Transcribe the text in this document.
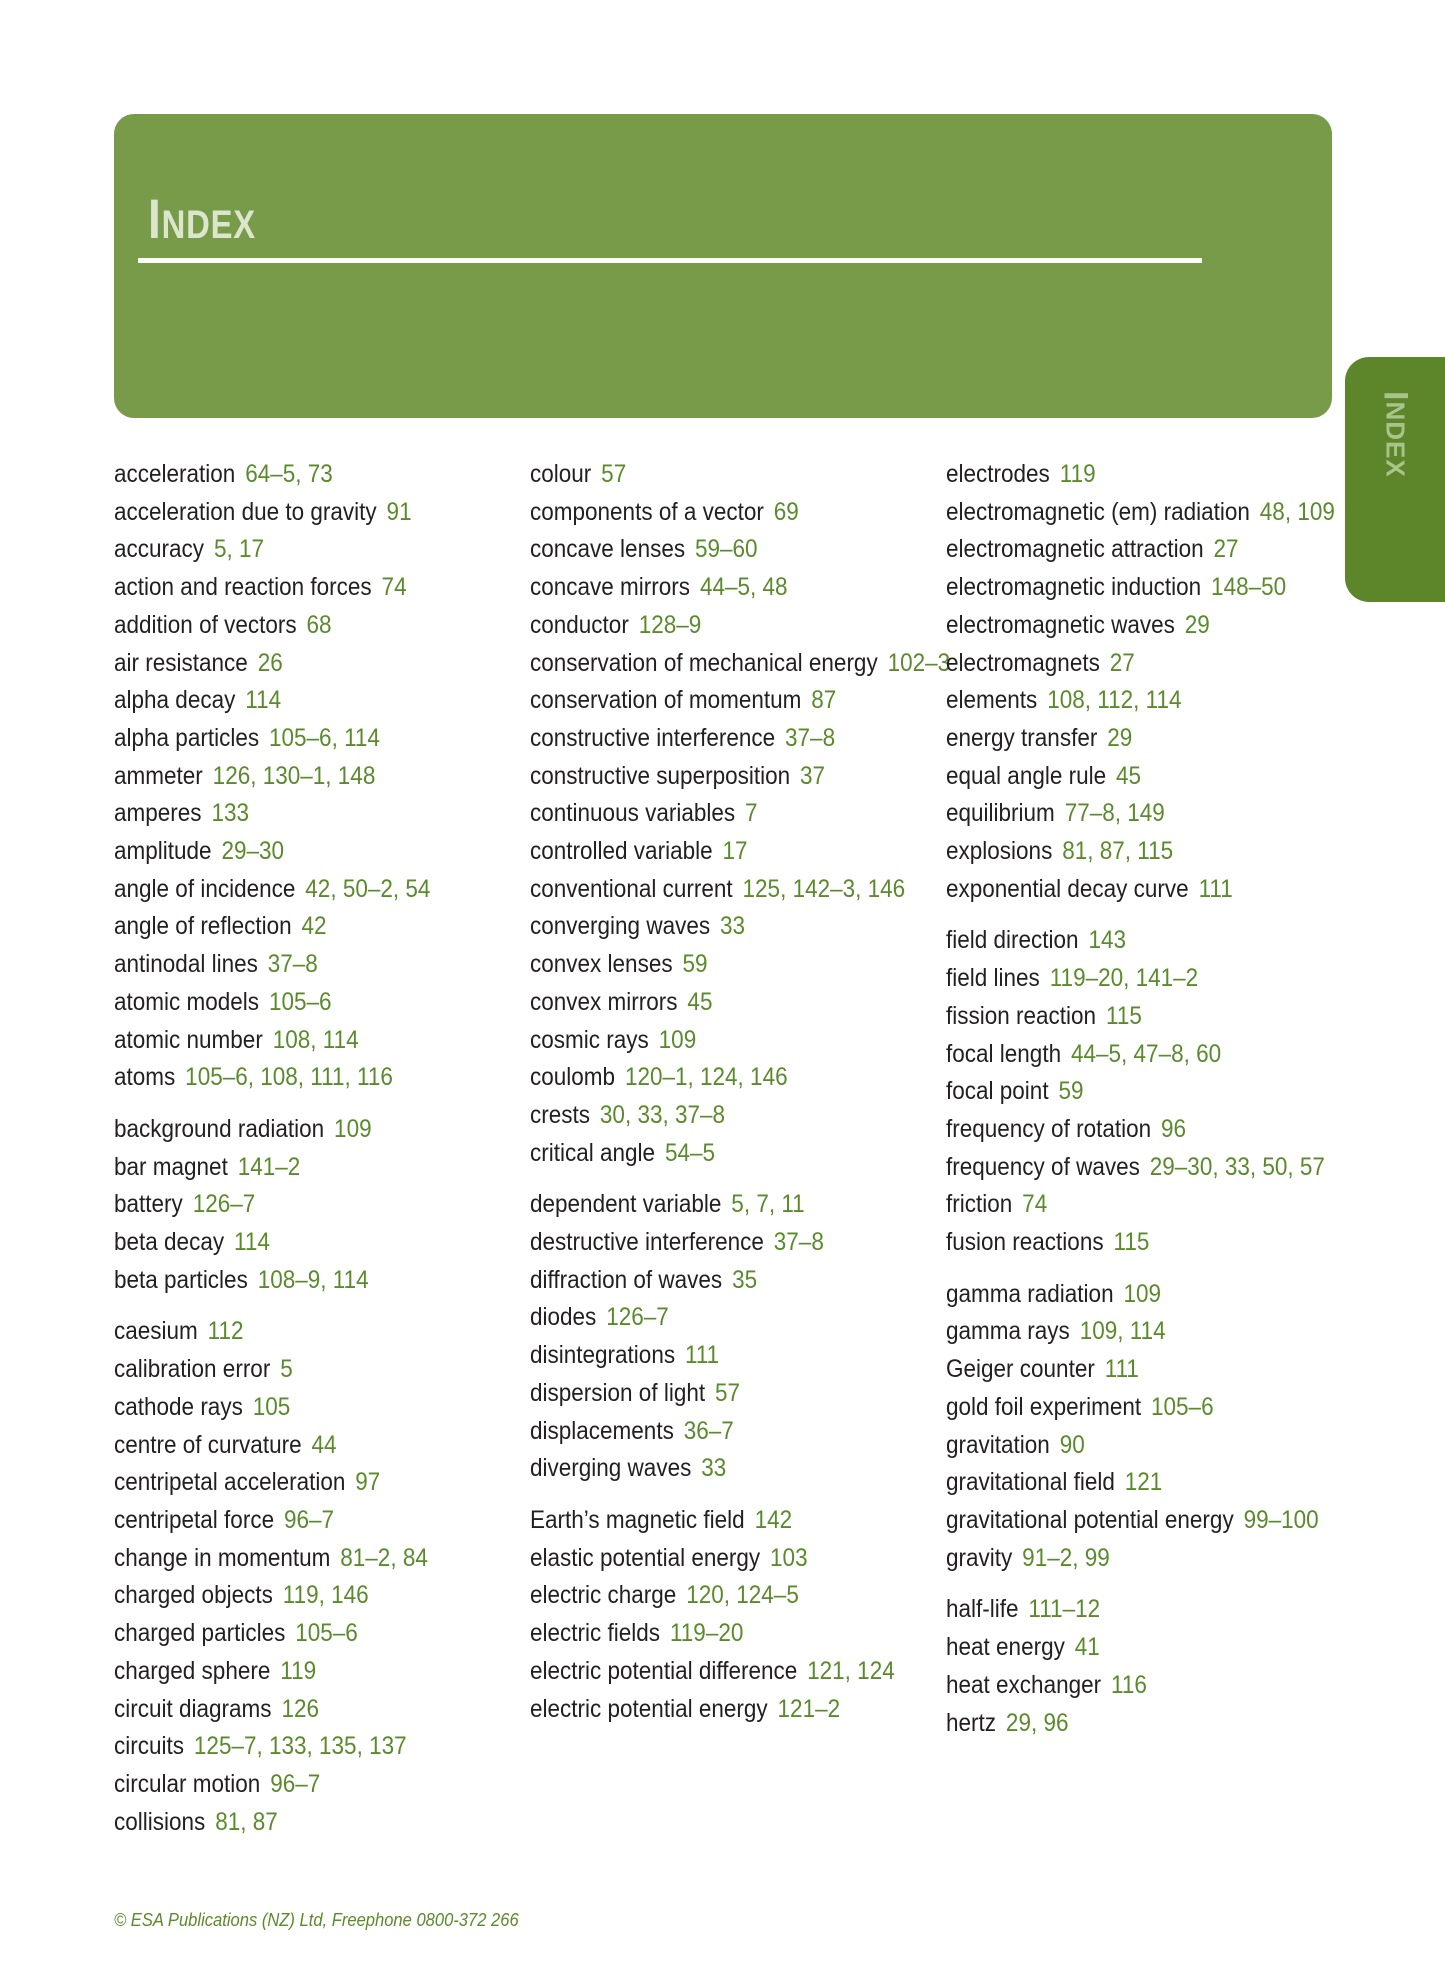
INDEX
INDEX
acceleration 64–5, 73
acceleration due to gravity 91
accuracy 5, 17
action and reaction forces 74
addition of vectors 68
air resistance 26
alpha decay 114
alpha particles 105–6, 114
ammeter 126, 130–1, 148
amperes 133
amplitude 29–30
angle of incidence 42, 50–2, 54
angle of reflection 42
antinodal lines 37–8
atomic models 105–6
atomic number 108, 114
atoms 105–6, 108, 111, 116
background radiation 109
bar magnet 141–2
battery 126–7
beta decay 114
beta particles 108–9, 114
caesium 112
calibration error 5
cathode rays 105
centre of curvature 44
centripetal acceleration 97
centripetal force 96–7
change in momentum 81–2, 84
charged objects 119, 146
charged particles 105–6
charged sphere 119
circuit diagrams 126
circuits 125–7, 133, 135, 137
circular motion 96–7
collisions 81, 87
colour 57
components of a vector 69
concave lenses 59–60
concave mirrors 44–5, 48
conductor 128–9
conservation of mechanical energy 102–3
conservation of momentum 87
constructive interference 37–8
constructive superposition 37
continuous variables 7
controlled variable 17
conventional current 125, 142–3, 146
converging waves 33
convex lenses 59
convex mirrors 45
cosmic rays 109
coulomb 120–1, 124, 146
crests 30, 33, 37–8
critical angle 54–5
dependent variable 5, 7, 11
destructive interference 37–8
diffraction of waves 35
diodes 126–7
disintegrations 111
dispersion of light 57
displacements 36–7
diverging waves 33
Earth’s magnetic field 142
elastic potential energy 103
electric charge 120, 124–5
electric fields 119–20
electric potential difference 121, 124
electric potential energy 121–2
electrodes 119
electromagnetic (em) radiation 48, 109
electromagnetic attraction 27
electromagnetic induction 148–50
electromagnetic waves 29
electromagnets 27
elements 108, 112, 114
energy transfer 29
equal angle rule 45
equilibrium 77–8, 149
explosions 81, 87, 115
exponential decay curve 111
field direction 143
field lines 119–20, 141–2
fission reaction 115
focal length 44–5, 47–8, 60
focal point 59
frequency of rotation 96
frequency of waves 29–30, 33, 50, 57
friction 74
fusion reactions 115
gamma radiation 109
gamma rays 109, 114
Geiger counter 111
gold foil experiment 105–6
gravitation 90
gravitational field 121
gravitational potential energy 99–100
gravity 91–2, 99
half-life 111–12
heat energy 41
heat exchanger 116
hertz 29, 96
© ESA Publications (NZ) Ltd, Freephone 0800-372 266
